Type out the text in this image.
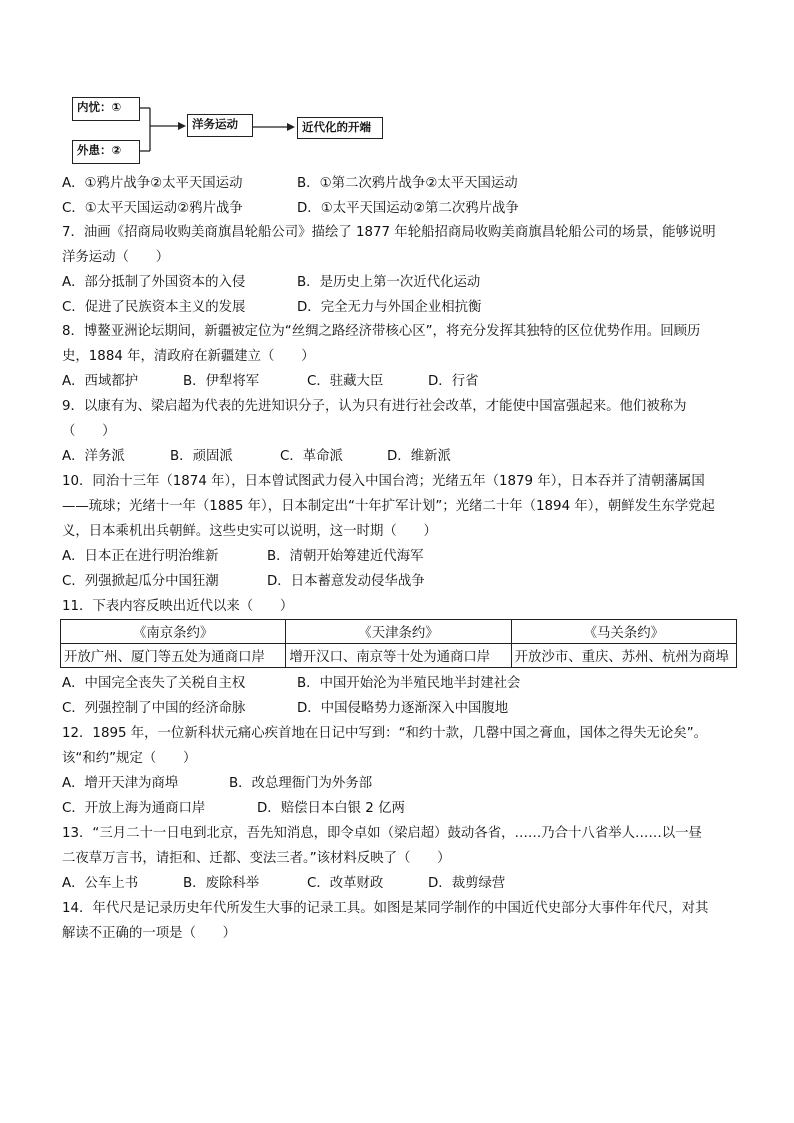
内忧：①
外患：②
洋务运动	近代化的开端
A．①鸦片战争②太平天国运动	B．①第二次鸦片战争②太平天国运动
C．①太平天国运动②鸦片战争	D．①太平天国运动②第二次鸦片战争
7．油画《招商局收购美商旗昌轮船公司》描绘了 1877 年轮船招商局收购美商旗昌轮船公司的场景，能够说明
洋务运动（　　）
A．部分抵制了外国资本的入侵	B．是历史上第一次近代化运动
C．促进了民族资本主义的发展	D．完全无力与外国企业相抗衡
8．博鳌亚洲论坛期间，新疆被定位为“丝绸之路经济带核心区”，将充分发挥其独特的区位优势作用。回顾历
史，1884 年，清政府在新疆建立（　　）
A．西域都护	B．伊犁将军	C．驻藏大臣	D．行省
9．以康有为、梁启超为代表的先进知识分子，认为只有进行社会改革，才能使中国富强起来。他们被称为
（　　）
A．洋务派	B．顽固派	C．革命派	D．维新派
10．同治十三年（1874 年），日本曾试图武力侵入中国台湾；光绪五年（1879 年），日本吞并了清朝藩属国
——琉球；光绪十一年（1885 年），日本制定出“十年扩军计划”；光绪二十年（1894 年），朝鲜发生东学党起
义，日本乘机出兵朝鲜。这些史实可以说明，这一时期（　　）
A．日本正在进行明治维新	B．清朝开始筹建近代海军
C．列强掀起瓜分中国狂潮	D．日本蓄意发动侵华战争
11．下表内容反映出近代以来（　　）
《南京条约》	《天津条约》	《马关条约》
开放广州、厦门等五处为通商口岸	增开汉口、南京等十处为通商口岸	开放沙市、重庆、苏州、杭州为商埠
A．中国完全丧失了关税自主权	B．中国开始沦为半殖民地半封建社会
C．列强控制了中国的经济命脉	D．中国侵略势力逐渐深入中国腹地
12．1895 年，一位新科状元痛心疾首地在日记中写到：“和约十款，几罄中国之膏血，国体之得失无论矣”。
该“和约”规定（　　）
A．增开天津为商埠	B．改总理衙门为外务部
C．开放上海为通商口岸	D．赔偿日本白银 2 亿两
13．“三月二十一日电到北京，吾先知消息，即令卓如（梁启超）鼓动各省，……乃合十八省举人……以一昼
二夜草万言书，请拒和、迁都、变法三者。”该材料反映了（　　）
A．公车上书	B．废除科举	C．改革财政	D．裁剪绿营
14．年代尺是记录历史年代所发生大事的记录工具。如图是某同学制作的中国近代史部分大事件年代尺，对其
解读不正确的一项是（　　）
